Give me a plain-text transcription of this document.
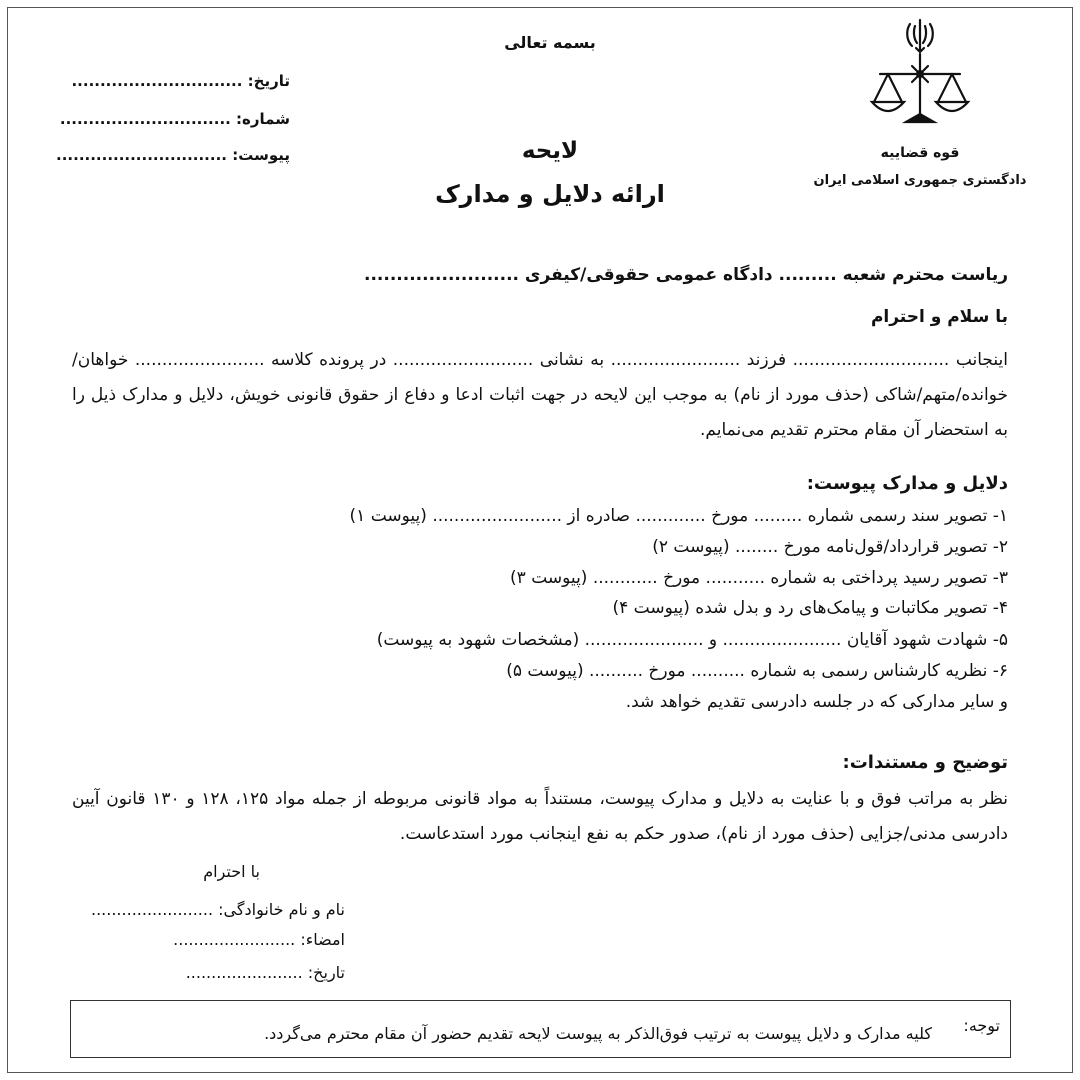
بسمه تعالی
قوه قضاییه
دادگستری جمهوری اسلامی ایران
تاریخ: ..............................
شماره: ..............................
پیوست: ..............................	لایحه
ارائه دلایل و مدارک
ریاست محترم شعبه ......... دادگاه عمومی حقوقی/کیفری ........................
با سلام و احترام
اینجانب ............................. فرزند ........................ به نشانی .......................... در پرونده کلاسه ........................ خواهان/خوانده/متهم/شاکی (حذف مورد از نام) به موجب این لایحه در جهت اثبات ادعا و دفاع از حقوق قانونی خویش، دلایل و مدارک ذیل را به استحضار آن مقام محترم تقدیم می‌نمایم.
دلایل و مدارک پیوست:
۱- تصویر سند رسمی شماره ......... مورخ ............. صادره از ........................ (پیوست ۱)
۲- تصویر قرارداد/قول‌نامه مورخ ........ (پیوست ۲)
۳- تصویر رسید پرداختی به شماره ........... مورخ ............ (پیوست ۳)
۴- تصویر مکاتبات و پیامک‌های رد و بدل شده (پیوست ۴)
۵- شهادت شهود آقایان ...................... و ...................... (مشخصات شهود به پیوست)
۶- نظریه کارشناس رسمی به شماره .......... مورخ .......... (پیوست ۵)
و سایر مدارکی که در جلسه دادرسی تقدیم خواهد شد.
توضیح و مستندات:
نظر به مراتب فوق و با عنایت به دلایل و مدارک پیوست، مستنداً به مواد قانونی مربوطه از جمله مواد ۱۲۵، ۱۲۸ و ۱۳۰ قانون آیین دادرسی مدنی/جزایی (حذف مورد از نام)، صدور حکم به نفع اینجانب مورد استدعاست.
با احترام
نام و نام خانوادگی: ........................
امضاء: ........................
تاریخ: .......................
توجه:
کلیه مدارک و دلایل پیوست به ترتیب فوق‌الذکر به پیوست لایحه تقدیم حضور آن مقام محترم می‌گردد.
